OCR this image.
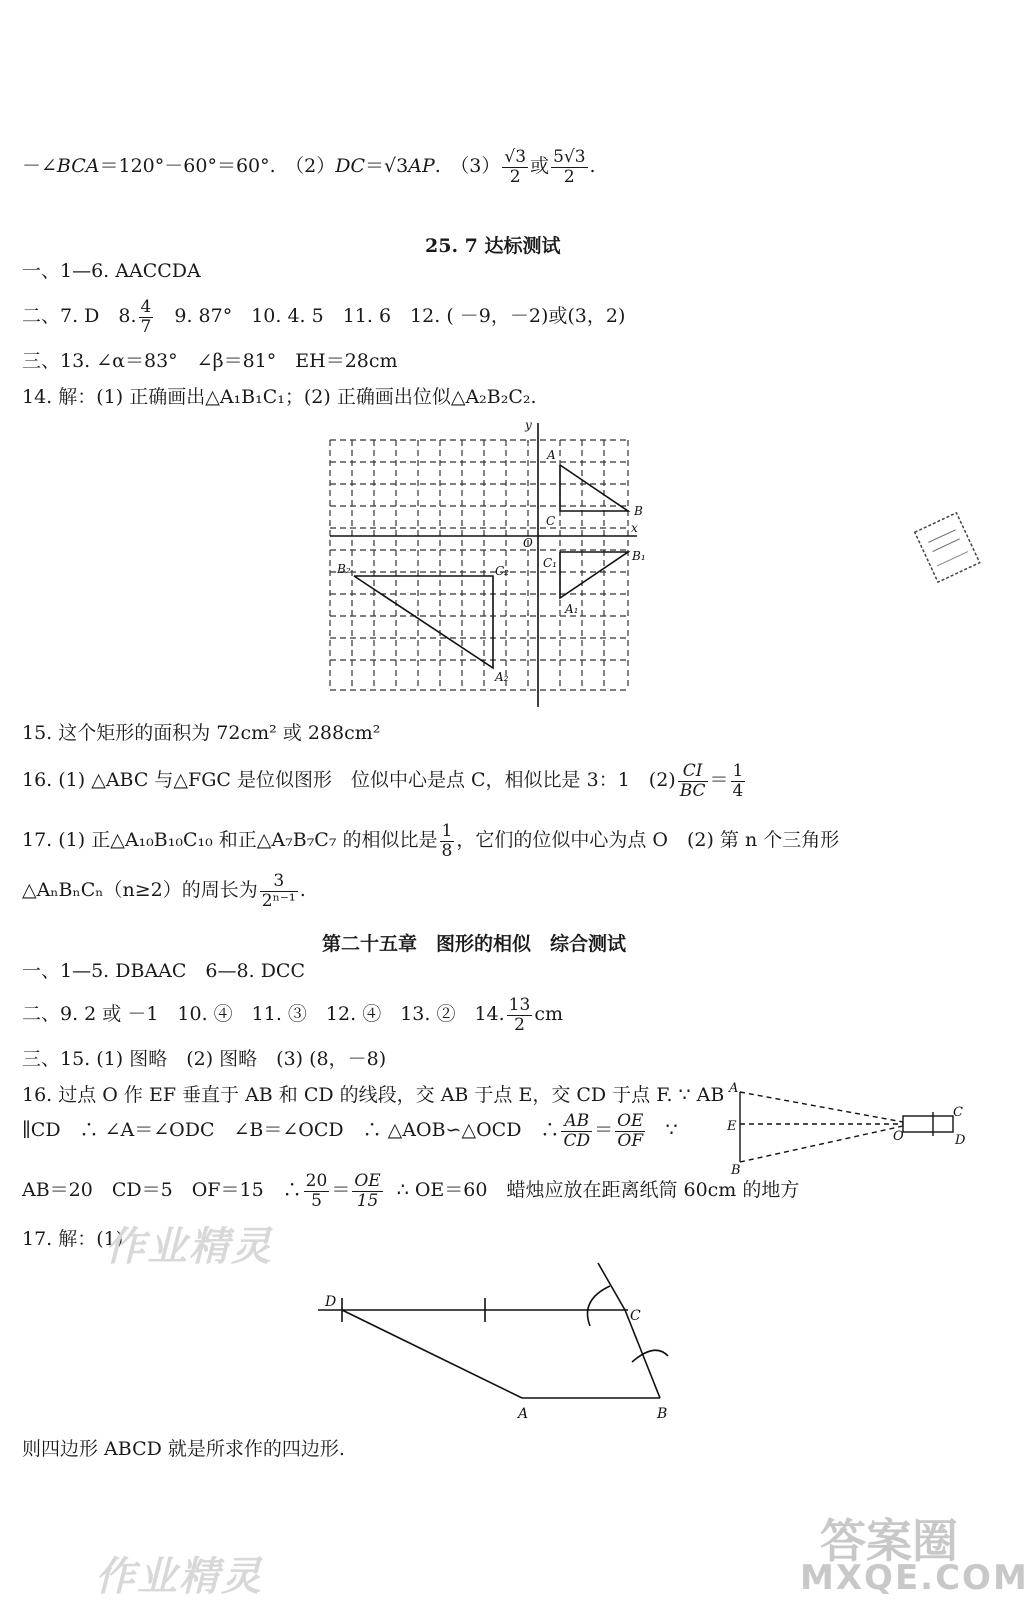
－∠BCA＝120°－60°＝60°.　（2）DC＝√3AP.　$(3) \frac{√3}{2}$ 或 $\frac{5√3}{2}$ .
25. 7 达标测试
一、1—6. AACCDA
二、7. D　8. $\frac{4}{7}$ 　9. 87°　10. 4. 5　11. 6　12. ( －9，－2)或(3，2)
三、13. ∠α＝83°　∠β＝81°　EH＝28cm
14. 解：(1) 正确画出△A₁B₁C₁；(2) 正确画出位似△A₂B₂C₂.
y
x
O
A
B
C
A₁
B₁
C₁
A₂
B₂	C₂
15. 这个矩形的面积为 72cm² 或 288cm²
16. (1) △ABC 与△FGC 是位似图形　位似中心是点 C，相似比是 3：1　$(2) \frac{CI}{BC} = \frac{1}{4}$
17. (1) 正△A₁₀B₁₀C₁₀ 和正△A₇B₇C₇ 的相似比是 $\frac{1}{8}$ ，它们的位似中心为点 O　(2) 第 n 个三角形
△AₙBₙCₙ（n≥2）的周长为 $\frac{3}{\text{2ⁿ⁻¹}}$ .
第二十五章　图形的相似　综合测试
一、1—5. DBAAC　6—8. DCC
二、9. 2 或 －1　10. ④　11. ③　12. ④　13. ②　14. $\frac{13}{2}$ cm
三、15. (1) 图略　(2) 图略　(3) (8，－8)
16. 过点 O 作 EF 垂直于 AB 和 CD 的线段，交 AB 于点 E，交 CD 于点 F. ∵ AB
∥CD　∴ ∠A＝∠ODC　∠B＝∠OCD　∴ △AOB∽△OCD　∴ $\frac{AB}{CD} = \frac{OE}{OF}$ ∵
A
E
B
O
C
D
AB＝20　CD＝5　OF＝15　∴ $\frac{20}{5} = \frac{OE}{15}$ ∴ OE＝60　蜡烛应放在距离纸筒 60cm 的地方
17. 解：(1)
作业精灵
D
C
A	B
则四边形 ABCD 就是所求作的四边形.
作业精灵
答案圈
MXQE.COM
